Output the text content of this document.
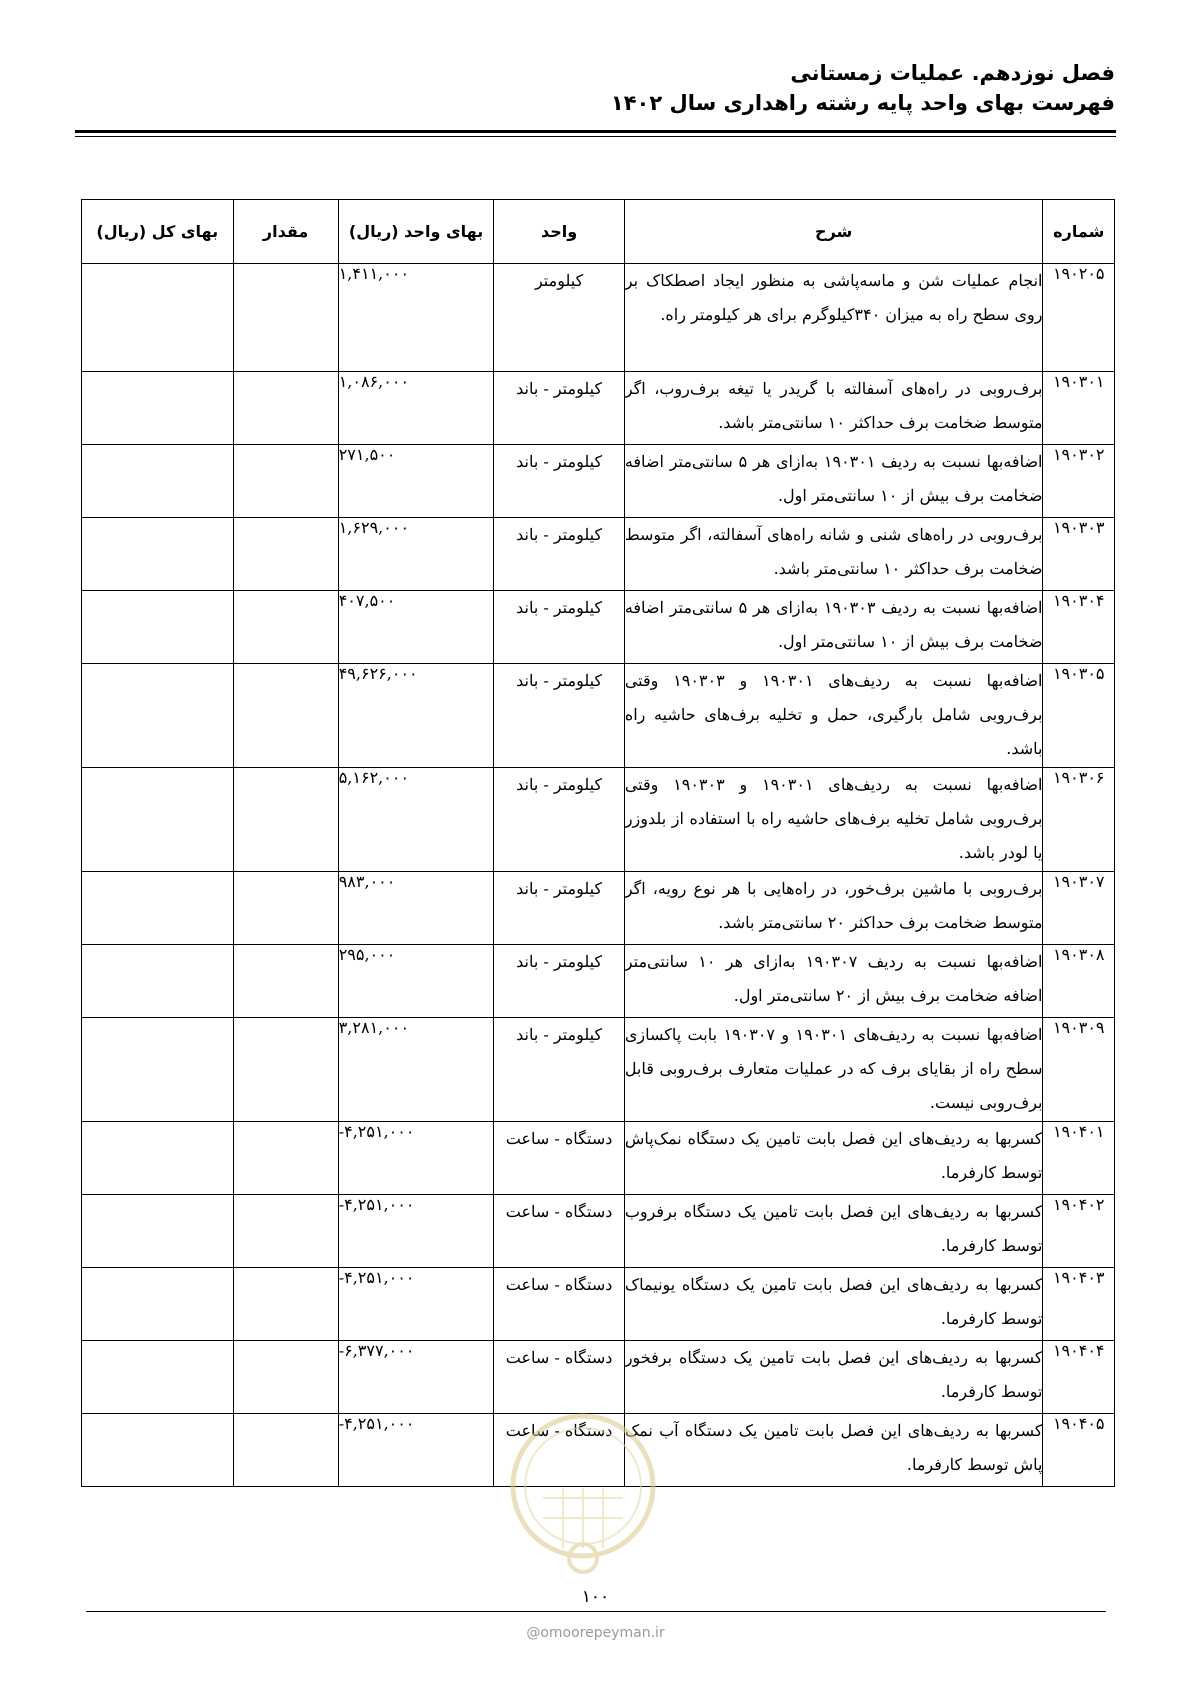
فصل نوزدهم. عملیات زمستانی
فهرست بهای واحد پایه رشته راهداری سال ۱۴۰۲
شماره	شرح	واحد	بهای واحد (ریال)	مقدار	بهای کل (ریال)
۱۹۰۲۰۵	انجام عملیات شن و ماسه‌پاشی به منظور ایجاد اصطکاک بر روی سطح راه به میزان ۳۴۰کیلوگرم برای هر کیلومتر راه.	کیلومتر	۱,۴۱۱,۰۰۰		
۱۹۰۳۰۱	برف‌روبی در راه‌های آسفالته با گریدر یا تیغه برف‌روب، اگر متوسط ضخامت برف حداکثر ۱۰ سانتی‌متر باشد.	کیلومتر - باند	۱,۰۸۶,۰۰۰		
۱۹۰۳۰۲	اضافه‌بها نسبت به ردیف ۱۹۰۳۰۱ به‌ازای هر ۵ سانتی‌متر اضافه ضخامت برف بیش از ۱۰ سانتی‌متر اول.	کیلومتر - باند	۲۷۱,۵۰۰		
۱۹۰۳۰۳	برف‌روبی در راه‌های شنی و شانه راه‌های آسفالته، اگر متوسط ضخامت برف حداکثر ۱۰ سانتی‌متر باشد.	کیلومتر - باند	۱,۶۲۹,۰۰۰		
۱۹۰۳۰۴	اضافه‌بها نسبت به ردیف ۱۹۰۳۰۳ به‌ازای هر ۵ سانتی‌متر اضافه ضخامت برف بیش از ۱۰ سانتی‌متر اول.	کیلومتر - باند	۴۰۷,۵۰۰		
۱۹۰۳۰۵	اضافه‌بها نسبت به ردیف‌های ۱۹۰۳۰۱ و ۱۹۰۳۰۳ وقتی برف‌روبی شامل بارگیری، حمل و تخلیه برف‌های حاشیه راه باشد.	کیلومتر - باند	۴۹,۶۲۶,۰۰۰		
۱۹۰۳۰۶	اضافه‌بها نسبت به ردیف‌های ۱۹۰۳۰۱ و ۱۹۰۳۰۳ وقتی برف‌روبی شامل تخلیه برف‌های حاشیه راه با استفاده از بلدوزر یا لودر باشد.	کیلومتر - باند	۵,۱۶۲,۰۰۰		
۱۹۰۳۰۷	برف‌روبی با ماشین برف‌خور، در راه‌هایی با هر نوع رویه، اگر متوسط ضخامت برف حداکثر ۲۰ سانتی‌متر باشد.	کیلومتر - باند	۹۸۳,۰۰۰		
۱۹۰۳۰۸	اضافه‌بها نسبت به ردیف ۱۹۰۳۰۷ به‌ازای هر ۱۰ سانتی‌متر اضافه ضخامت برف بیش از ۲۰ سانتی‌متر اول.	کیلومتر - باند	۲۹۵,۰۰۰		
۱۹۰۳۰۹	اضافه‌بها نسبت به ردیف‌های ۱۹۰۳۰۱ و ۱۹۰۳۰۷ بابت پاکسازی سطح راه از بقایای برف که در عملیات متعارف برف‌روبی قابل برف‌روبی نیست.	کیلومتر - باند	۳,۲۸۱,۰۰۰		
۱۹۰۴۰۱	کسربها به ردیف‌های این فصل بابت تامین یک دستگاه نمک‌پاش توسط کارفرما.	دستگاه - ساعت	-۴,۲۵۱,۰۰۰		
۱۹۰۴۰۲	کسربها به ردیف‌های این فصل بابت تامین یک دستگاه برفروب توسط کارفرما.	دستگاه - ساعت	-۴,۲۵۱,۰۰۰		
۱۹۰۴۰۳	کسربها به ردیف‌های این فصل بابت تامین یک دستگاه یونیماک توسط کارفرما.	دستگاه - ساعت	-۴,۲۵۱,۰۰۰		
۱۹۰۴۰۴	کسربها به ردیف‌های این فصل بابت تامین یک دستگاه برفخور توسط کارفرما.	دستگاه - ساعت	-۶,۳۷۷,۰۰۰		
۱۹۰۴۰۵	کسربها به ردیف‌های این فصل بابت تامین یک دستگاه آب نمک پاش توسط کارفرما.	دستگاه - ساعت	-۴,۲۵۱,۰۰۰		
۱۰۰
@omoorepeyman.ir
